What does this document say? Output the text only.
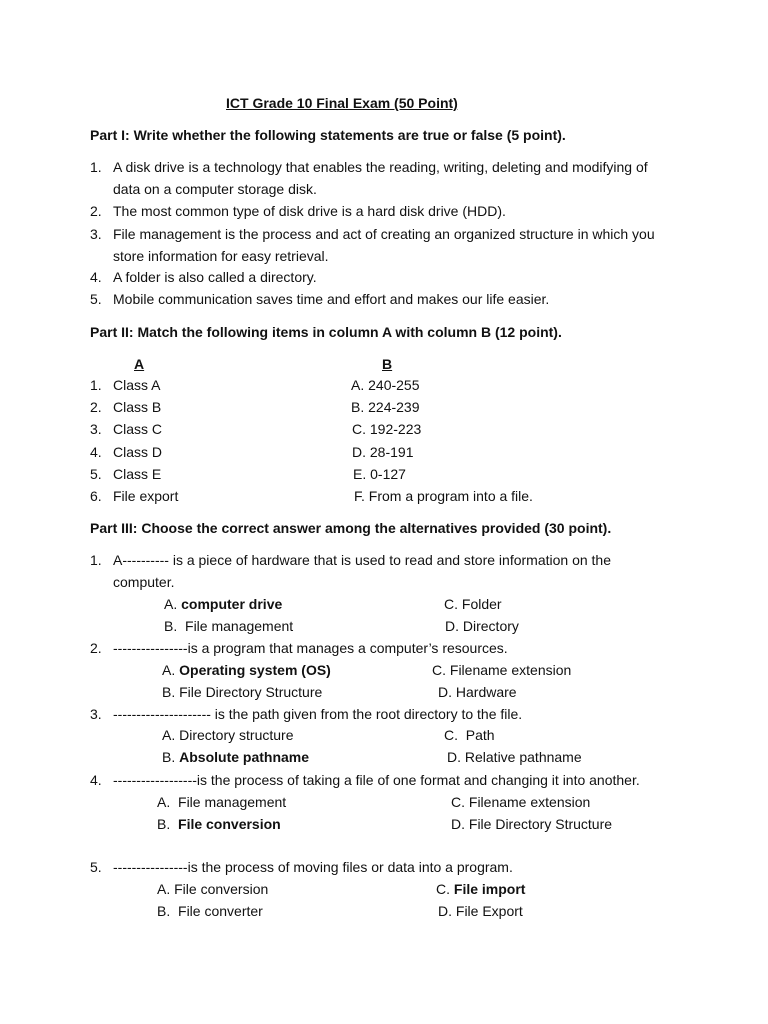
ICT Grade 10 Final Exam (50 Point)
Part I: Write whether the following statements are true or false (5 point).
1. A disk drive is a technology that enables the reading, writing, deleting and modifying of
data on a computer storage disk.
2. The most common type of disk drive is a hard disk drive (HDD).
3. File management is the process and act of creating an organized structure in which you
store information for easy retrieval.
4. A folder is also called a directory.
5. Mobile communication saves time and effort and makes our life easier.
Part II: Match the following items in column A with column B (12 point).
A	B
1. Class A	A. 240-255
2. Class B	B. 224-239
3. Class C	C. 192-223
4. Class D	D. 28-191
5. Class E	E. 0-127
6. File export	F. From a program into a file.
Part III: Choose the correct answer among the alternatives provided (30 point).
1. A---------- is a piece of hardware that is used to read and store information on the
computer.
A. computer drive	C. Folder
B. File management	D. Directory
2. ----------------is a program that manages a computer’s resources.
A. Operating system (OS)	C. Filename extension
B. File Directory Structure	D. Hardware
3. --------------------- is the path given from the root directory to the file.
A. Directory structure	C. Path
B. Absolute pathname	D. Relative pathname
4. ------------------is the process of taking a file of one format and changing it into another.
A. File management	C. Filename extension
B. File conversion	D. File Directory Structure
5. ----------------is the process of moving files or data into a program.
A. File conversion	C. File import
B. File converter	D. File Export
